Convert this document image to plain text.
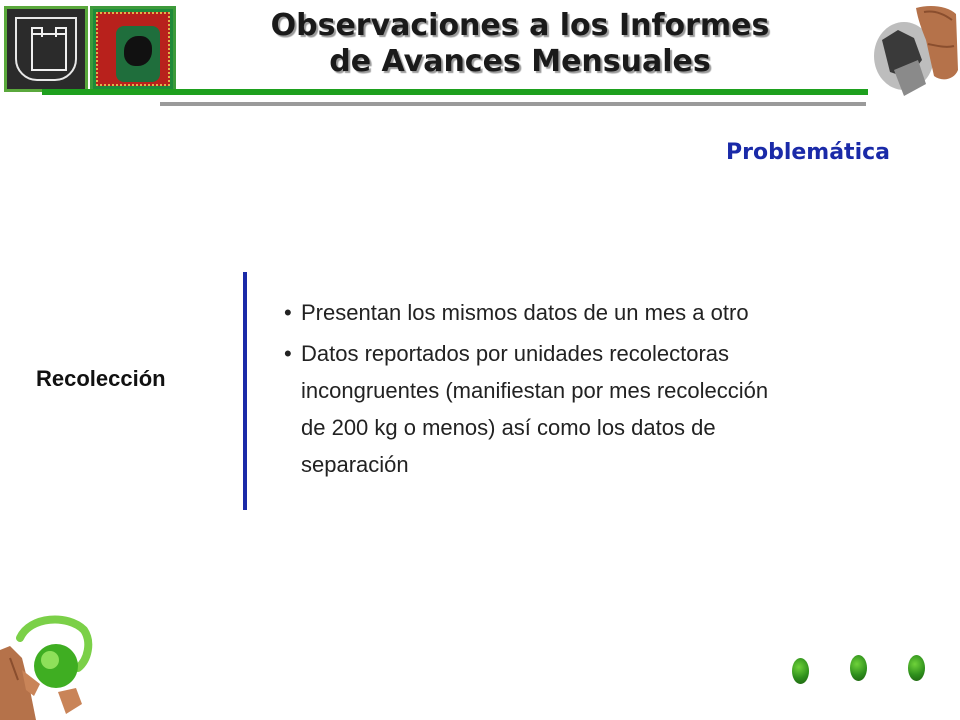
Observaciones a los Informes
de Avances Mensuales
Problemática
Recolección
• Presentan los mismos datos de un mes a otro
• Datos reportados por unidades recolectoras
incongruentes (manifiestan por mes recolección
de 200 kg o menos) así como los datos de
separación
